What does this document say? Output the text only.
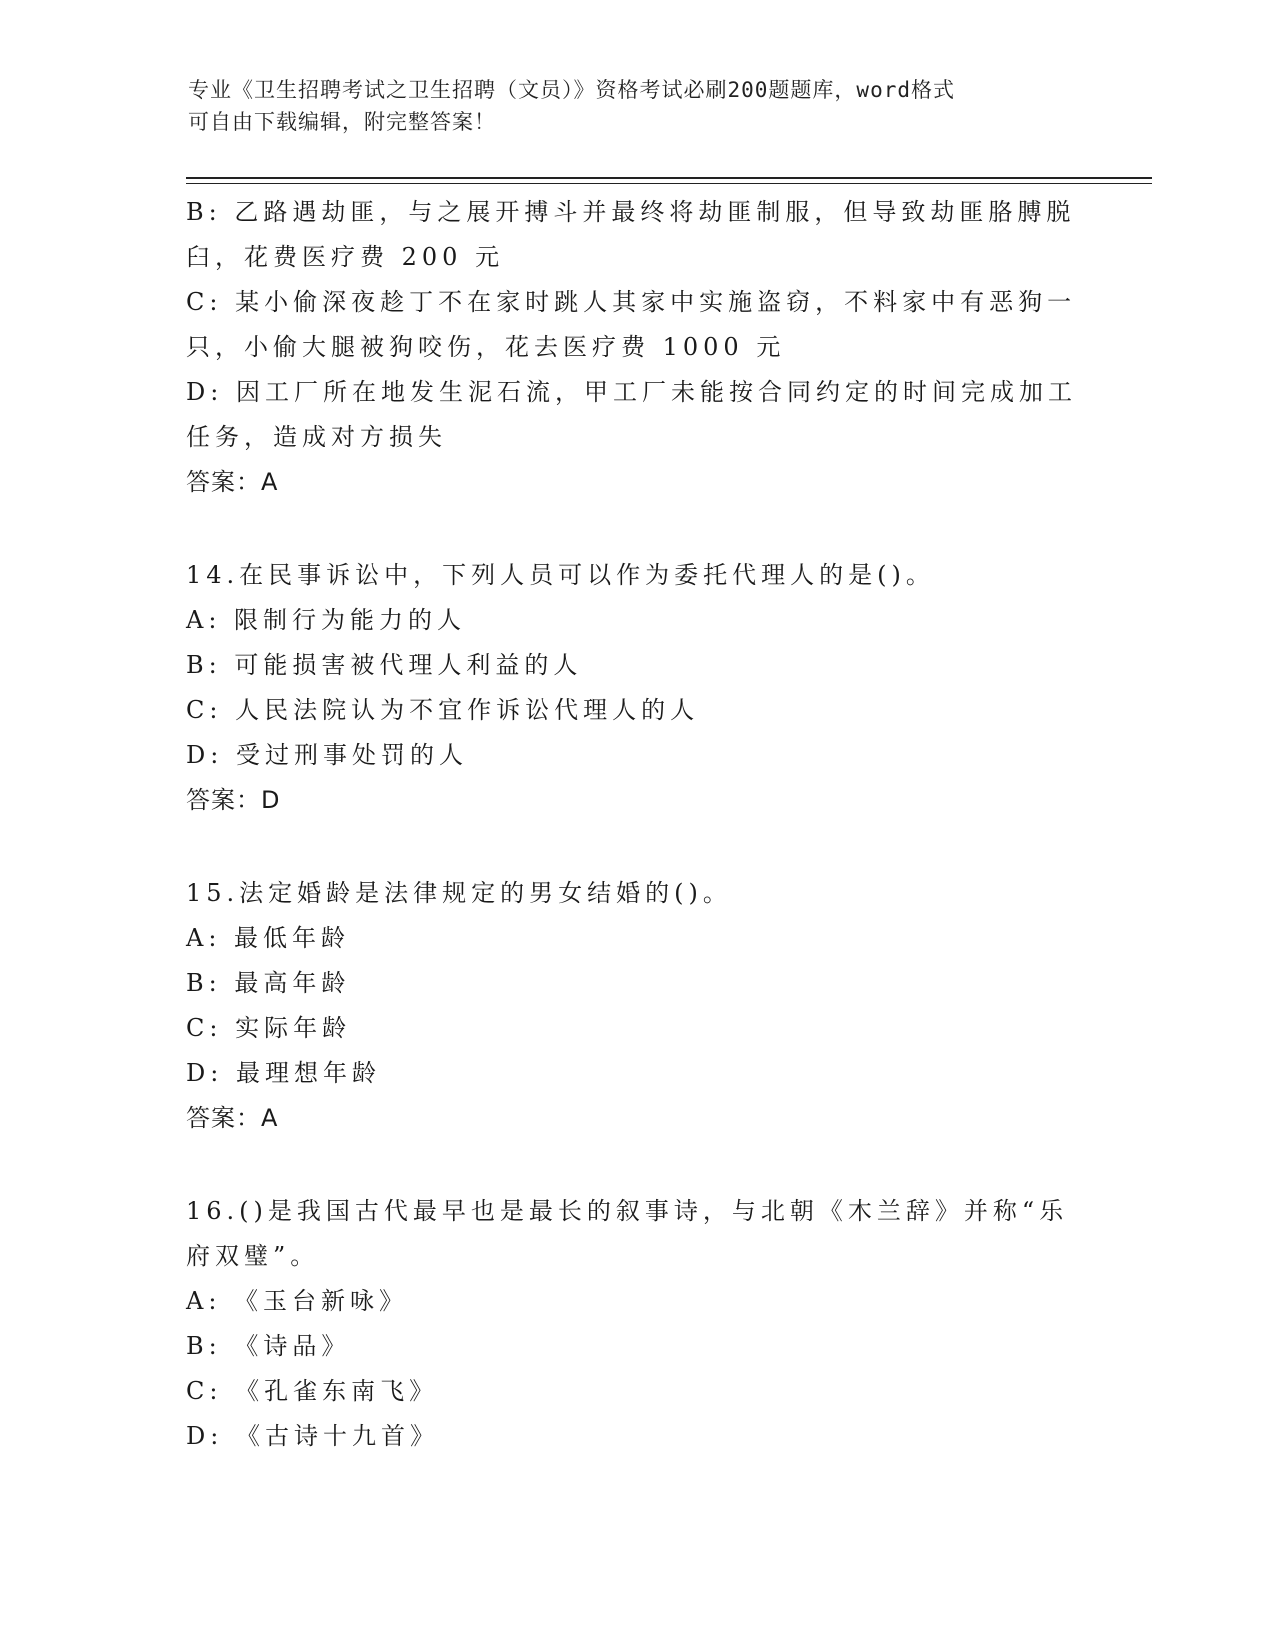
专业《卫生招聘考试之卫生招聘（文员）》资格考试必刷200题题库，word格式
可自由下载编辑，附完整答案！
B: 乙路遇劫匪，与之展开搏斗并最终将劫匪制服，但导致劫匪胳膊脱
臼，花费医疗费 200 元
C: 某小偷深夜趁丁不在家时跳人其家中实施盗窃，不料家中有恶狗一
只，小偷大腿被狗咬伤，花去医疗费 1000 元
D: 因工厂所在地发生泥石流，甲工厂未能按合同约定的时间完成加工
任务，造成对方损失
答案：A
14.在民事诉讼中，下列人员可以作为委托代理人的是()。
A: 限制行为能力的人
B: 可能损害被代理人利益的人
C: 人民法院认为不宜作诉讼代理人的人
D: 受过刑事处罚的人
答案：D
15.法定婚龄是法律规定的男女结婚的()。
A: 最低年龄
B: 最高年龄
C: 实际年龄
D: 最理想年龄
答案：A
16.()是我国古代最早也是最长的叙事诗，与北朝《木兰辞》并称“乐
府双璧”。
A: 《玉台新咏》
B: 《诗品》
C: 《孔雀东南飞》
D: 《古诗十九首》
